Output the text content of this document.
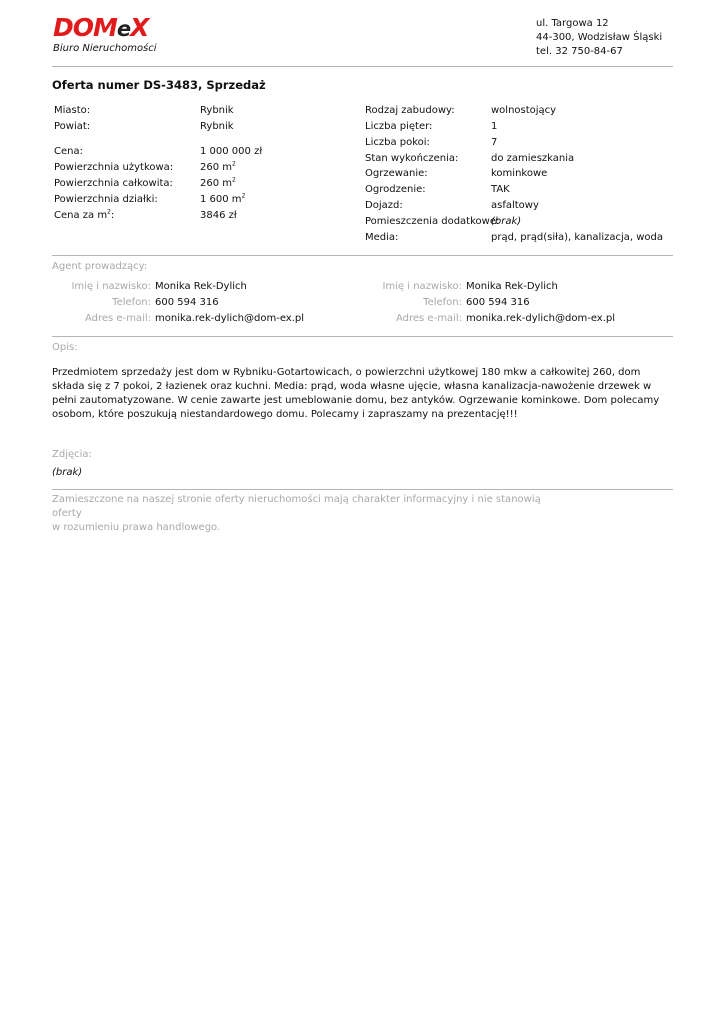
DOMeX
Biuro Nieruchomości
ul. Targowa 12
44-300, Wodzisław Śląski
tel. 32 750-84-67
Oferta numer DS-3483, Sprzedaż
Miasto:	Rybnik
Powiat:	Rybnik
Cena:	1 000 000 zł
Powierzchnia użytkowa:	260 $m^2$
Powierzchnia całkowita:	260 $m^2$
Powierzchnia działki:	1 600 $m^2$
Cena za $m^2$:	3846 zł
Rodzaj zabudowy:	wolnostojący
Liczba pięter:	1
Liczba pokoi:	7
Stan wykończenia:	do zamieszkania
Ogrzewanie:	kominkowe
Ogrodzenie:	TAK
Dojazd:	asfaltowy
Pomieszczenia dodatkowe:
(brak)
Media:	prąd, prąd(siła), kanalizacja, woda
Agent prowadzący:
Imię i nazwisko: Monika Rek-Dylich
Telefon: 600 594 316
Adres e-mail: monika.rek-dylich@dom-ex.pl
Imię i nazwisko: Monika Rek-Dylich
Telefon: 600 594 316
Adres e-mail: monika.rek-dylich@dom-ex.pl
Opis:
Przedmiotem sprzedaży jest dom w Rybniku-Gotartowicach, o powierzchni użytkowej 180 mkw a całkowitej 260, dom składa się z 7 pokoi, 2 łazienek oraz kuchni. Media: prąd, woda własne ujęcie, własna kanalizacja-nawożenie drzewek w pełni zautomatyzowane. W cenie zawarte jest umeblowanie domu, bez antyków. Ogrzewanie kominkowe. Dom polecamy osobom, które poszukują niestandardowego domu. Polecamy i zapraszamy na prezentację!!!
Zdjęcia:
(brak)
Zamieszczone na naszej stronie oferty nieruchomości mają charakter informacyjny i nie stanowią oferty
w rozumieniu prawa handlowego.
